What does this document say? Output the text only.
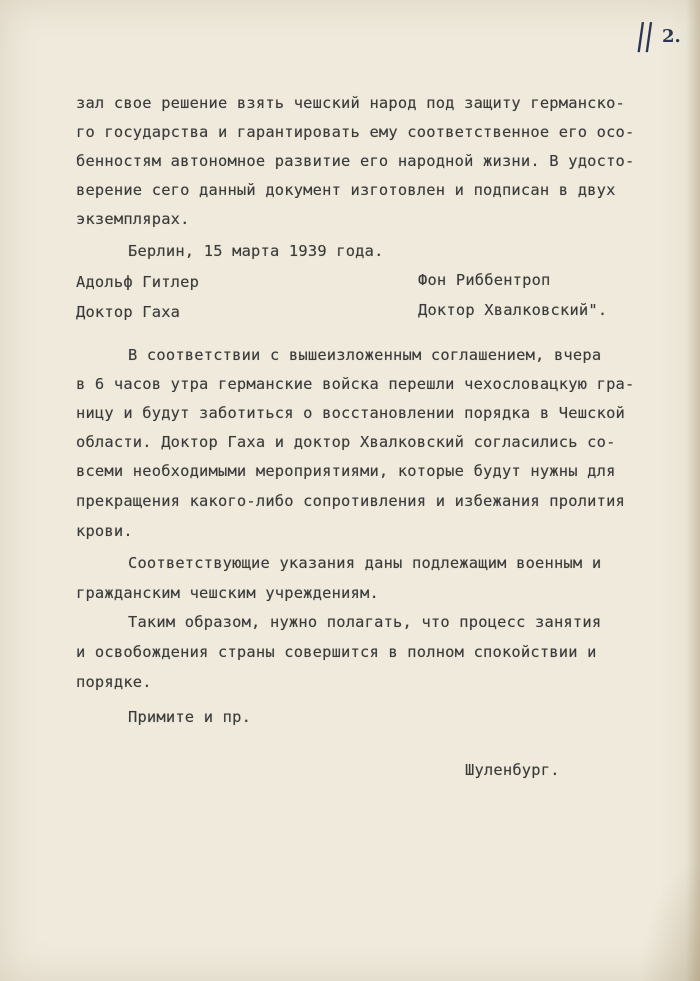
|| 2.
зал свое решение взять чешский народ под защиту германско-
го государства и гарантировать ему соответственное его осо-
бенностям автономное развитие его народной жизни. В удосто-
верение сего данный документ изготовлен и подписан в двух
экземплярах.
Берлин, 15 марта 1939 года.
Адольф Гитлер	Фон Риббентроп
Доктор Гаха	Доктор Хвалковский".
В соответствии с вышеизложенным соглашением, вчера
в 6 часов утра германские войска перешли чехословацкую гра-
ницу и будут заботиться о восстановлении порядка в Чешской
области. Доктор Гаха и доктор Хвалковский согласились со-
всеми необходимыми мероприятиями, которые будут нужны для
прекращения какого-либо сопротивления и избежания пролития
крови.
Соответствующие указания даны подлежащим военным и
гражданским чешским учреждениям.
Таким образом, нужно полагать, что процесс занятия
и освобождения страны совершится в полном спокойствии и
порядке.
Примите и пр.
Шуленбург.
